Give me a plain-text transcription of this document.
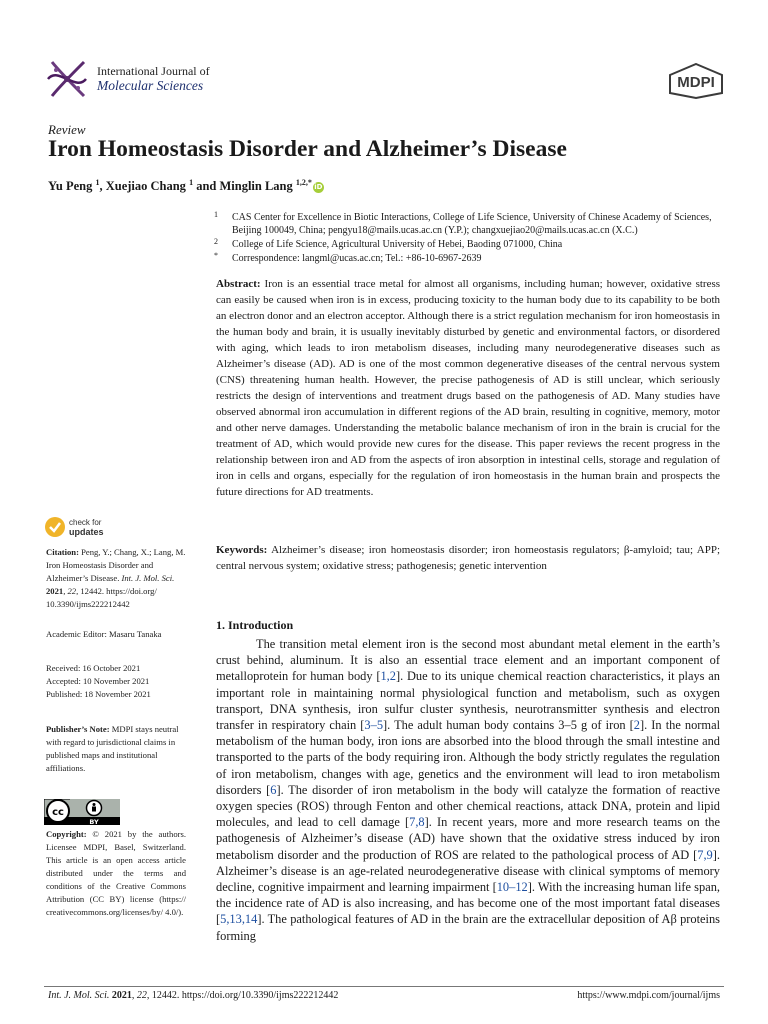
International Journal of
Molecular Sciences	MDPI
Review
Iron Homeostasis Disorder and Alzheimer’s Disease
Yu Peng $^1$, Xuejiao Chang $^1$ and Minglin Lang $^{1,2,*}$iD
1 CAS Center for Excellence in Biotic Interactions, College of Life Science, University of Chinese Academy of Sciences, Beijing 100049, China; pengyu18@mails.ucas.ac.cn (Y.P.); changxuejiao20@mails.ucas.ac.cn (X.C.)
2 College of Life Science, Agricultural University of Hebei, Baoding 071000, China
* Correspondence: langml@ucas.ac.cn; Tel.: +86-10-6967-2639
Abstract: Iron is an essential trace metal for almost all organisms, including human; however, oxidative stress can easily be caused when iron is in excess, producing toxicity to the human body due to its capability to be both an electron donor and an electron acceptor. Although there is a strict regulation mechanism for iron homeostasis in the human body and brain, it is usually inevitably disturbed by genetic and environmental factors, or disordered with aging, which leads to iron metabolism diseases, including many neurodegenerative diseases such as Alzheimer’s disease (AD). AD is one of the most common degenerative diseases of the central nervous system (CNS) threatening human health. However, the precise pathogenesis of AD is still unclear, which seriously restricts the design of interventions and treatment drugs based on the pathogenesis of AD. Many studies have observed abnormal iron accumulation in different regions of the AD brain, resulting in cognitive, memory, motor and other nerve damages. Understanding the metabolic balance mechanism of iron in the brain is crucial for the treatment of AD, which would provide new cures for the disease. This paper reviews the recent progress in the relationship between iron and AD from the aspects of iron absorption in intestinal cells, storage and regulation of iron in cells and organs, especially for the regulation of iron homeostasis in the human brain and prospects the future directions for AD treatments.
Keywords: Alzheimer’s disease; iron homeostasis disorder; iron homeostasis regulators; β-amyloid; tau; APP; central nervous system; oxidative stress; pathogenesis; genetic intervention
1. Introduction
The transition metal element iron is the second most abundant metal element in the earth’s crust behind, aluminum. It is also an essential trace element and an important component of metalloprotein for human body [1,2]. Due to its unique chemical reaction characteristics, it plays an important role in maintaining normal physiological function and metabolism, such as oxygen transport, DNA synthesis, iron sulfur cluster synthesis, neurotransmitter synthesis and electron transfer in respiratory chain [3–5]. The adult human body contains 3–5 g of iron [2]. In the normal metabolism of the human body, iron ions are absorbed into the blood through the small intestine and transported to the parts of the body requiring iron. Although the body strictly regulates the regulation of iron metabolism, changes with age, genetics and the environment will lead to iron metabolism disorders [6]. The disorder of iron metabolism in the body will catalyze the formation of reactive oxygen species (ROS) through Fenton and other chemical reactions, attack DNA, protein and lipid molecules, and lead to cell damage [7,8]. In recent years, more and more research teams on the pathogenesis of Alzheimer’s disease (AD) have shown that the oxidative stress induced by iron metabolism disorder and the production of ROS are related to the pathological process of AD [7,9]. Alzheimer’s disease is an age-related neurodegenerative disease with clinical symptoms of memory decline, cognitive impairment and learning impairment [10–12]. With the increasing human life span, the incidence rate of AD is also increasing, and has become one of the most important fatal diseases [5,13,14]. The pathological features of AD in the brain are the extracellular deposition of Aβ proteins forming
check for
updates
Citation: Peng, Y.; Chang, X.; Lang, M. Iron Homeostasis Disorder and Alzheimer’s Disease. Int. J. Mol. Sci. 2021, 22, 12442. https://doi.org/ 10.3390/ijms222212442
Academic Editor: Masaru Tanaka
Received: 16 October 2021
Accepted: 10 November 2021
Published: 18 November 2021
Publisher’s Note: MDPI stays neutral with regard to jurisdictional claims in published maps and institutional affiliations.
cc
BY
Copyright: © 2021 by the authors. Licensee MDPI, Basel, Switzerland. This article is an open access article distributed under the terms and conditions of the Creative Commons Attribution (CC BY) license (https:// creativecommons.org/licenses/by/ 4.0/).
Int. J. Mol. Sci. 2021, 22, 12442. https://doi.org/10.3390/ijms222212442	https://www.mdpi.com/journal/ijms
